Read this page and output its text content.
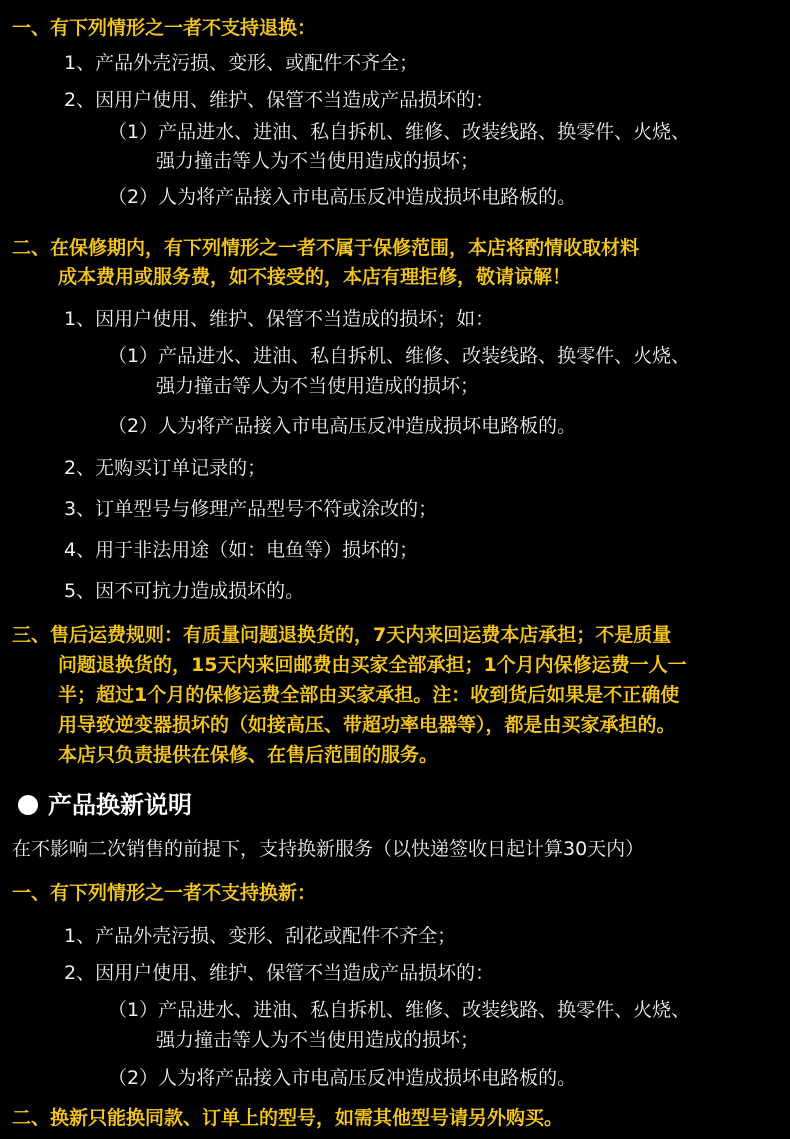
一、有下列情形之一者不支持退换：
1、产品外壳污损、变形、或配件不齐全；
2、因用户使用、维护、保管不当造成产品损坏的：
（1）产品进水、进油、私自拆机、维修、改装线路、换零件、火烧、
强力撞击等人为不当使用造成的损坏；
（2）人为将产品接入市电高压反冲造成损坏电路板的。
二、在保修期内，有下列情形之一者不属于保修范围，本店将酌情收取材料
成本费用或服务费，如不接受的，本店有理拒修，敬请谅解！
1、因用户使用、维护、保管不当造成的损坏；如：
（1）产品进水、进油、私自拆机、维修、改装线路、换零件、火烧、
强力撞击等人为不当使用造成的损坏；
（2）人为将产品接入市电高压反冲造成损坏电路板的。
2、无购买订单记录的；
3、订单型号与修理产品型号不符或涂改的；
4、用于非法用途（如：电鱼等）损坏的；
5、因不可抗力造成损坏的。
三、售后运费规则：有质量问题退换货的，7天内来回运费本店承担；不是质量
问题退换货的，15天内来回邮费由买家全部承担；1个月内保修运费一人一
半；超过1个月的保修运费全部由买家承担。注：收到货后如果是不正确使
用导致逆变器损坏的（如接高压、带超功率电器等），都是由买家承担的。
本店只负责提供在保修、在售后范围的服务。
产品换新说明
在不影响二次销售的前提下，支持换新服务（以快递签收日起计算30天内）
一、有下列情形之一者不支持换新：
1、产品外壳污损、变形、刮花或配件不齐全；
2、因用户使用、维护、保管不当造成产品损坏的：
（1）产品进水、进油、私自拆机、维修、改装线路、换零件、火烧、
强力撞击等人为不当使用造成的损坏；
（2）人为将产品接入市电高压反冲造成损坏电路板的。
二、换新只能换同款、订单上的型号，如需其他型号请另外购买。
